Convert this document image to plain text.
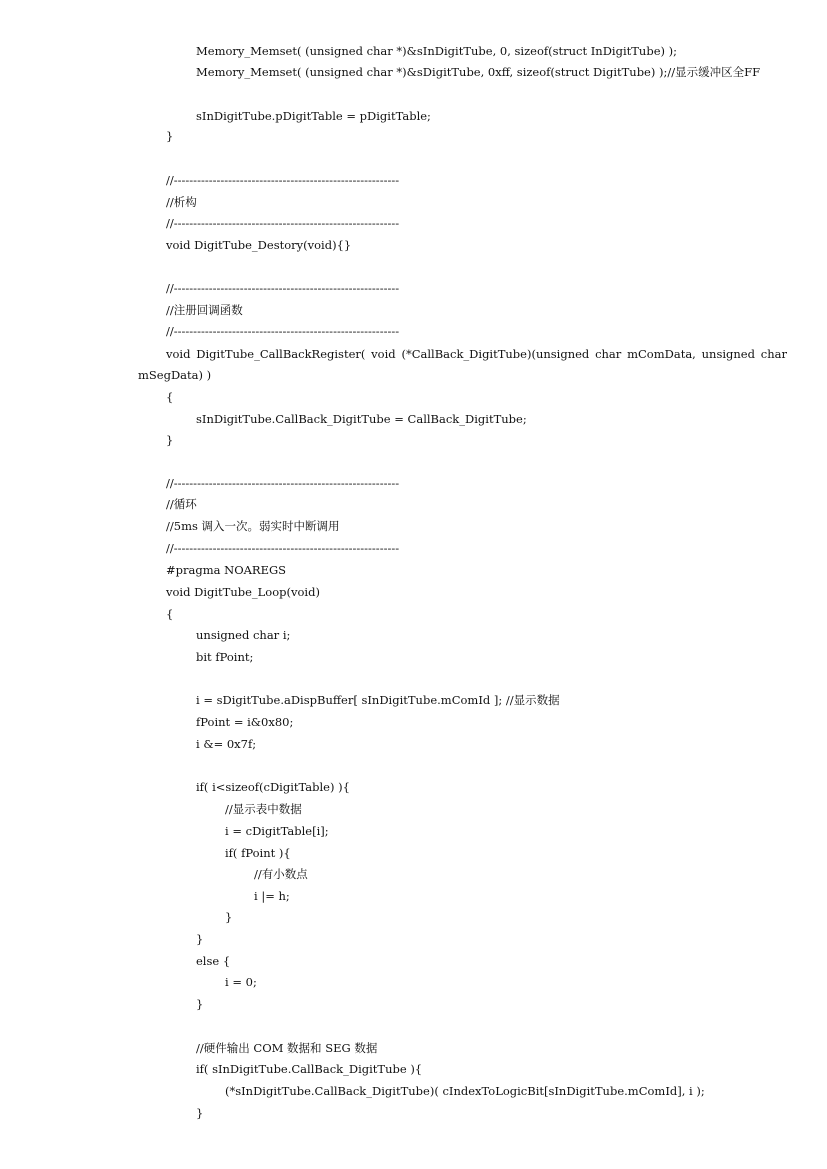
Memory_Memset( (unsigned char *)&sInDigitTube, 0, sizeof(struct InDigitTube) );

Memory_Memset( (unsigned char *)&sDigitTube, 0xff, sizeof(struct DigitTube) );//显示缓冲区全FF

sInDigitTube.pDigitTable = pDigitTable;

}

//----------------------------------------------------------

//析构

//----------------------------------------------------------

void DigitTube_Destory(void){}

//----------------------------------------------------------

//注册回调函数

//----------------------------------------------------------

void DigitTube_CallBackRegister( void (*CallBack_DigitTube)(unsigned char mComData, unsigned char

mSegData) )

{

sInDigitTube.CallBack_DigitTube = CallBack_DigitTube;

}

//----------------------------------------------------------

//循环

//5ms 调入一次。弱实时中断调用

//----------------------------------------------------------

#pragma NOAREGS

void DigitTube_Loop(void)

{

unsigned char i;

bit fPoint;

i = sDigitTube.aDispBuffer[ sInDigitTube.mComId ]; //显示数据

fPoint = i&0x80;

i &= 0x7f;

if( i<sizeof(cDigitTable) ){

//显示表中数据

i = cDigitTable[i];

if( fPoint ){

//有小数点

i |= h;

}

}

else {

i = 0;

}

//硬件输出 COM 数据和 SEG 数据

if( sInDigitTube.CallBack_DigitTube ){

(*sInDigitTube.CallBack_DigitTube)( cIndexToLogicBit[sInDigitTube.mComId], i );

}
